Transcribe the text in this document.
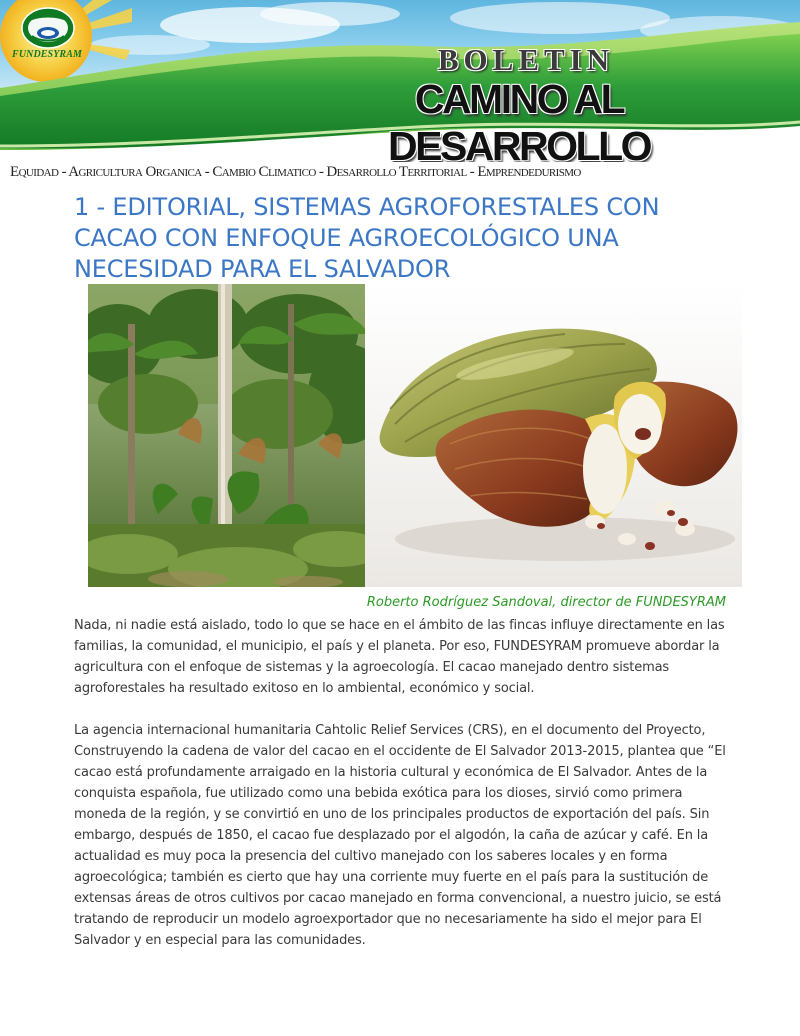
FUNDESYRAM	BOLETIN
CAMINO AL DESARROLLO
Equidad - Agricultura Organica - Cambio Climatico - Desarrollo Territorial - Emprendedurismo
1 - EDITORIAL, SISTEMAS AGROFORESTALES CON CACAO CON ENFOQUE AGROECOLÓGICO UNA NECESIDAD PARA EL SALVADOR
Roberto Rodríguez Sandoval, director de FUNDESYRAM

Nada, ni nadie está aislado, todo lo que se hace en el ámbito de las fincas influye directamente en las familias, la comunidad, el municipio, el país y el planeta. Por eso, FUNDESYRAM promueve abordar la agricultura con el enfoque de sistemas y la agroecología. El cacao manejado dentro sistemas agroforestales ha resultado exitoso en lo ambiental, económico y social.

La agencia internacional humanitaria Cahtolic Relief Services (CRS), en el documento del Proyecto, Construyendo la cadena de valor del cacao en el occidente de El Salvador 2013-2015, plantea que “El cacao está profundamente arraigado en la historia cultural y económica de El Salvador. Antes de la conquista española, fue utilizado como una bebida exótica para los dioses, sirvió como primera moneda de la región, y se convirtió en uno de los principales productos de exportación del país. Sin embargo, después de 1850, el cacao fue desplazado por el algodón, la caña de azúcar y café. En la actualidad es muy poca la presencia del cultivo manejado con los saberes locales y en forma agroecológica; también es cierto que hay una corriente muy fuerte en el país para la sustitución de extensas áreas de otros cultivos por cacao manejado en forma convencional, a nuestro juicio, se está tratando de reproducir un modelo agroexportador que no necesariamente ha sido el mejor para El Salvador y en especial para las comunidades.
